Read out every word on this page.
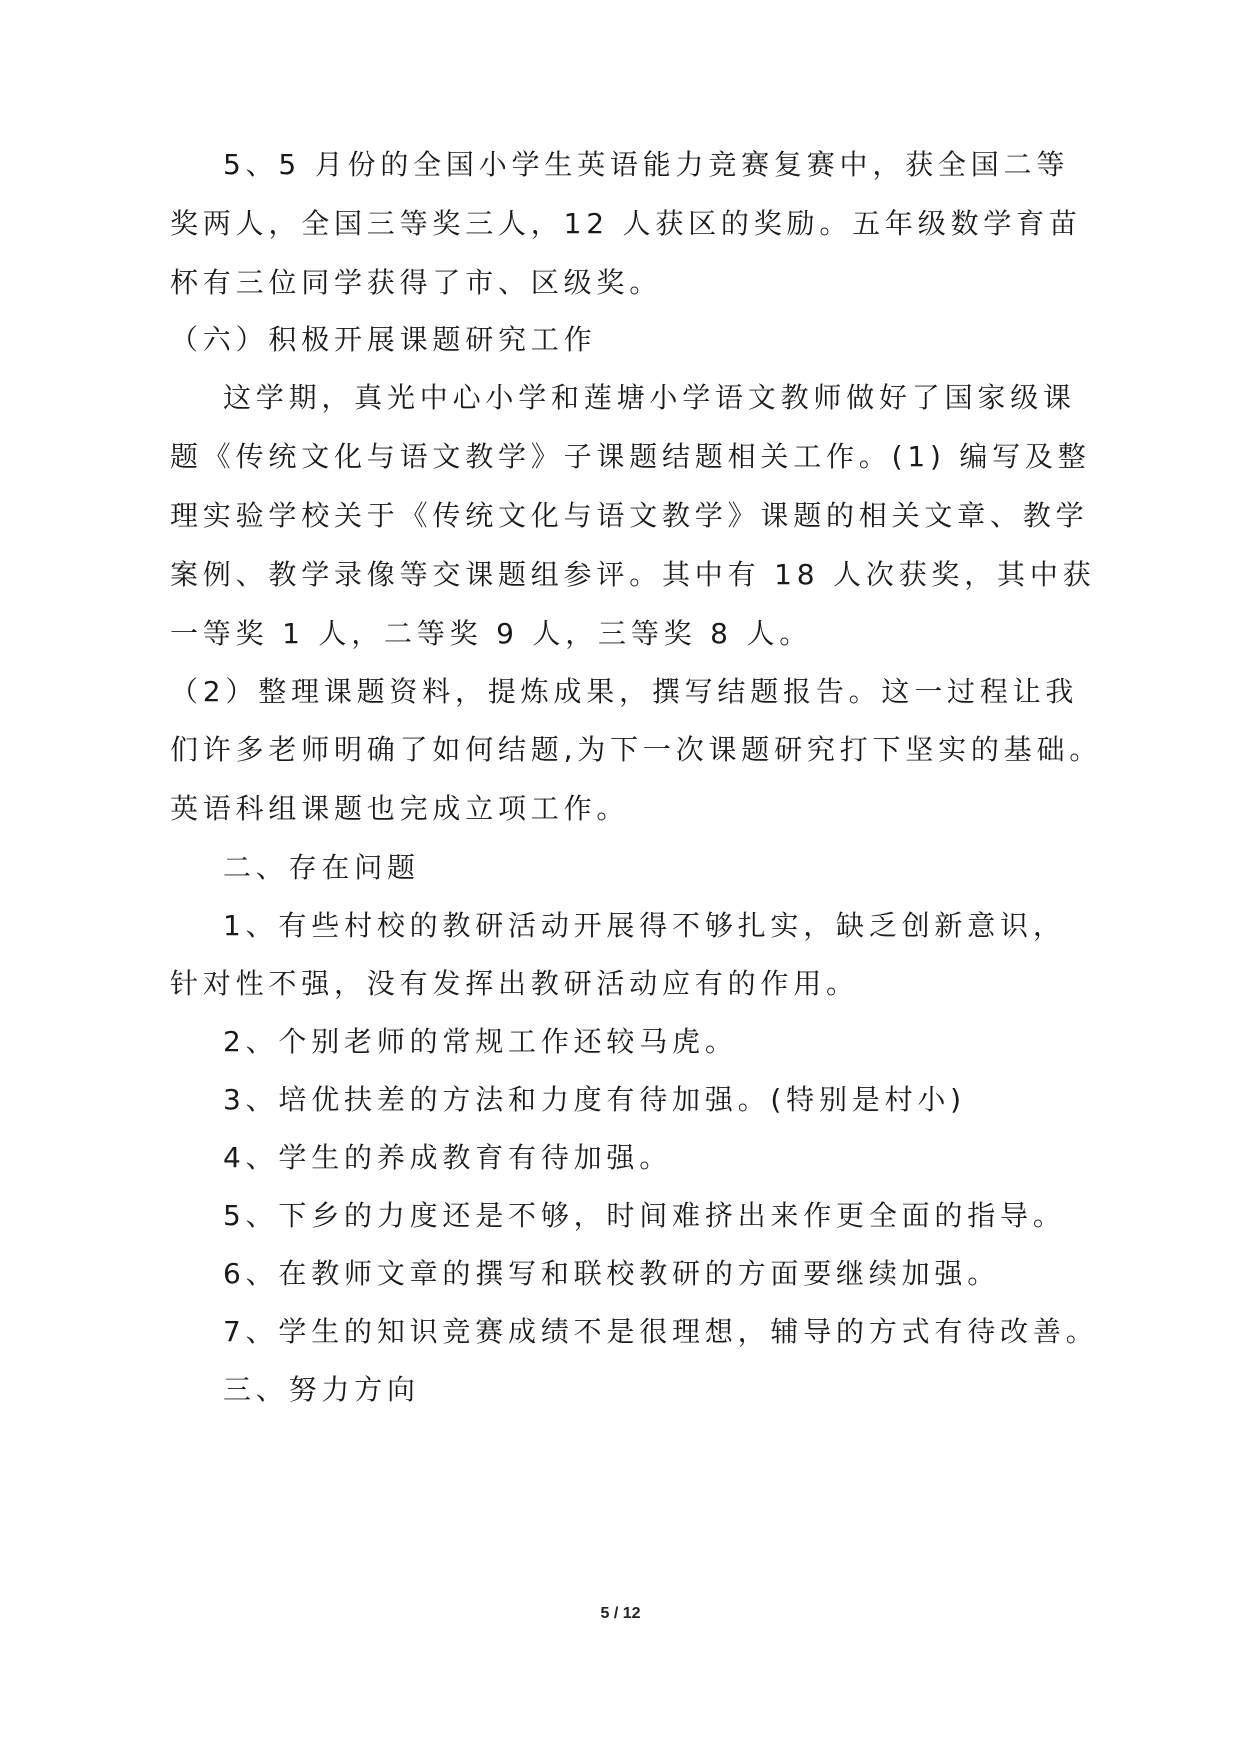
5、5 月份的全国小学生英语能力竞赛复赛中，获全国二等
奖两人，全国三等奖三人，12 人获区的奖励。五年级数学育苗
杯有三位同学获得了市、区级奖。
（六）积极开展课题研究工作
这学期，真光中心小学和莲塘小学语文教师做好了国家级课
题《传统文化与语文教学》子课题结题相关工作。(1) 编写及整
理实验学校关于《传统文化与语文教学》课题的相关文章、教学
案例、教学录像等交课题组参评。其中有 18 人次获奖，其中获
一等奖 1 人，二等奖 9 人，三等奖 8 人。
（2）整理课题资料，提炼成果，撰写结题报告。这一过程让我
们许多老师明确了如何结题,为下一次课题研究打下坚实的基础。
英语科组课题也完成立项工作。
二、存在问题
1、有些村校的教研活动开展得不够扎实，缺乏创新意识，
针对性不强，没有发挥出教研活动应有的作用。
2、个别老师的常规工作还较马虎。
3、培优扶差的方法和力度有待加强。(特别是村小)
4、学生的养成教育有待加强。
5、下乡的力度还是不够，时间难挤出来作更全面的指导。
6、在教师文章的撰写和联校教研的方面要继续加强。
7、学生的知识竞赛成绩不是很理想，辅导的方式有待改善。
三、努力方向
5 / 12
